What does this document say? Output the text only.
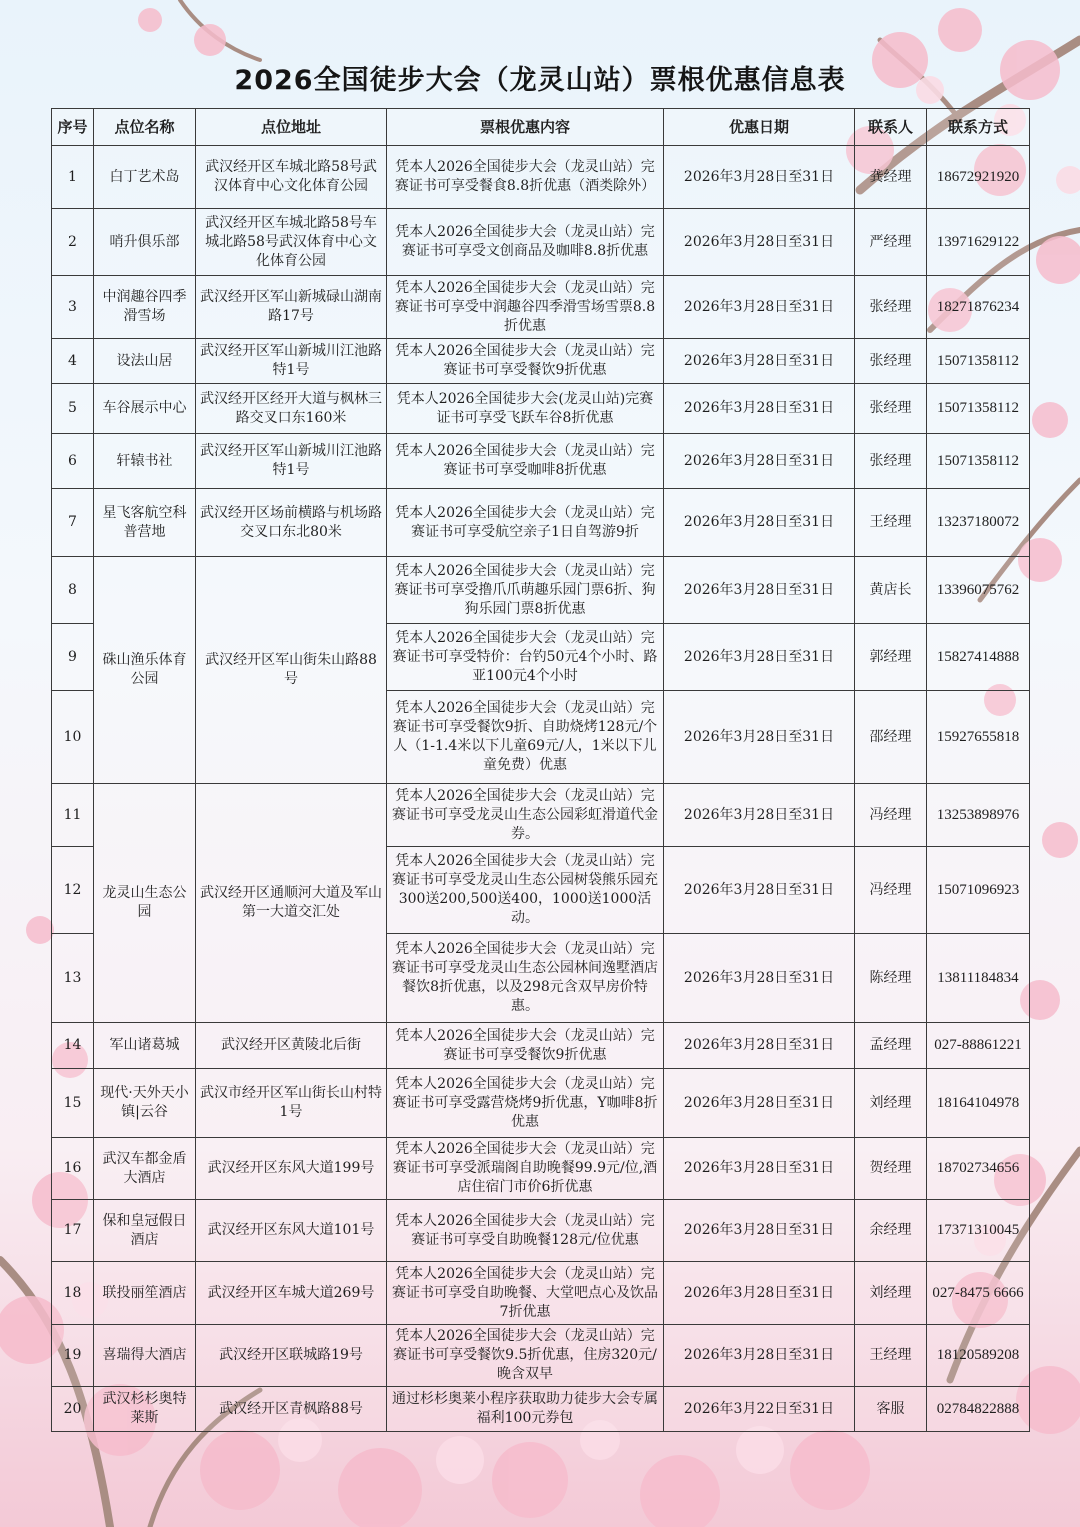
2026全国徒步大会（龙灵山站）票根优惠信息表
序号	点位名称	点位地址	票根优惠内容	优惠日期	联系人	联系方式
1	白丁艺术岛	武汉经开区车城北路58号武汉体育中心文化体育公园	凭本人2026全国徒步大会（龙灵山站）完赛证书可享受餐食8.8折优惠（酒类除外）	2026年3月28日至31日	龚经理	18672921920
2	哨升俱乐部	武汉经开区车城北路58号车城北路58号武汉体育中心文化体育公园	凭本人2026全国徒步大会（龙灵山站）完赛证书可享受文创商品及咖啡8.8折优惠	2026年3月28日至31日	严经理	13971629122
3	中润趣谷四季滑雪场	武汉经开区军山新城碌山湖南路17号	凭本人2026全国徒步大会（龙灵山站）完赛证书可享受中润趣谷四季滑雪场雪票8.8折优惠	2026年3月28日至31日	张经理	18271876234
4	设法山居	武汉经开区军山新城川江池路特1号	凭本人2026全国徒步大会（龙灵山站）完赛证书可享受餐饮9折优惠	2026年3月28日至31日	张经理	15071358112
5	车谷展示中心	武汉经开区经开大道与枫林三路交叉口东160米	凭本人2026全国徒步大会(龙灵山站)完赛证书可享受飞跃车谷8折优惠	2026年3月28日至31日	张经理	15071358112
6	轩辕书社	武汉经开区军山新城川江池路特1号	凭本人2026全国徒步大会（龙灵山站）完赛证书可享受咖啡8折优惠	2026年3月28日至31日	张经理	15071358112
7	星飞客航空科普营地	武汉经开区场前横路与机场路交叉口东北80米	凭本人2026全国徒步大会（龙灵山站）完赛证书可享受航空亲子1日自驾游9折	2026年3月28日至31日	王经理	13237180072
8	硃山渔乐体育公园	武汉经开区军山街朱山路88号	凭本人2026全国徒步大会（龙灵山站）完赛证书可享受撸爪爪萌趣乐园门票6折、狗狗乐园门票8折优惠	2026年3月28日至31日	黄店长	13396075762
9			凭本人2026全国徒步大会（龙灵山站）完赛证书可享受特价：台钓50元4个小时、路亚100元4个小时	2026年3月28日至31日	郭经理	15827414888
10			凭本人2026全国徒步大会（龙灵山站）完赛证书可享受餐饮9折、自助烧烤128元/个人（1-1.4米以下儿童69元/人，1米以下儿童免费）优惠	2026年3月28日至31日	邵经理	15927655818
11	龙灵山生态公园	武汉经开区通顺河大道及军山第一大道交汇处	凭本人2026全国徒步大会（龙灵山站）完赛证书可享受龙灵山生态公园彩虹滑道代金券。	2026年3月28日至31日	冯经理	13253898976
12			凭本人2026全国徒步大会（龙灵山站）完赛证书可享受龙灵山生态公园树袋熊乐园充300送200,500送400，1000送1000活动。	2026年3月28日至31日	冯经理	15071096923
13			凭本人2026全国徒步大会（龙灵山站）完赛证书可享受龙灵山生态公园林间逸墅酒店餐饮8折优惠，以及298元含双早房价特惠。	2026年3月28日至31日	陈经理	13811184834
14	军山诸葛城	武汉经开区黄陵北后街	凭本人2026全国徒步大会（龙灵山站）完赛证书可享受餐饮9折优惠	2026年3月28日至31日	孟经理	027-88861221
15	现代·天外天小镇|云谷	武汉市经开区军山街长山村特1号	凭本人2026全国徒步大会（龙灵山站）完赛证书可享受露营烧烤9折优惠，Y咖啡8折优惠	2026年3月28日至31日	刘经理	18164104978
16	武汉车都金盾大酒店	武汉经开区东风大道199号	凭本人2026全国徒步大会（龙灵山站）完赛证书可享受派瑞阁自助晚餐99.9元/位,酒店住宿门市价6折优惠	2026年3月28日至31日	贺经理	18702734656
17	保和皇冠假日酒店	武汉经开区东风大道101号	凭本人2026全国徒步大会（龙灵山站）完赛证书可享受自助晚餐128元/位优惠	2026年3月28日至31日	余经理	17371310045
18	联投丽笙酒店	武汉经开区车城大道269号	凭本人2026全国徒步大会（龙灵山站）完赛证书可享受自助晚餐、大堂吧点心及饮品7折优惠	2026年3月28日至31日	刘经理	027-8475 6666
19	喜瑞得大酒店	武汉经开区联城路19号	凭本人2026全国徒步大会（龙灵山站）完赛证书可享受餐饮9.5折优惠，住房320元/晚含双早	2026年3月28日至31日	王经理	18120589208
20	武汉杉杉奥特莱斯	武汉经开区青枫路88号	通过杉杉奥莱小程序获取助力徒步大会专属福利100元券包	2026年3月22日至31日	客服	02784822888
